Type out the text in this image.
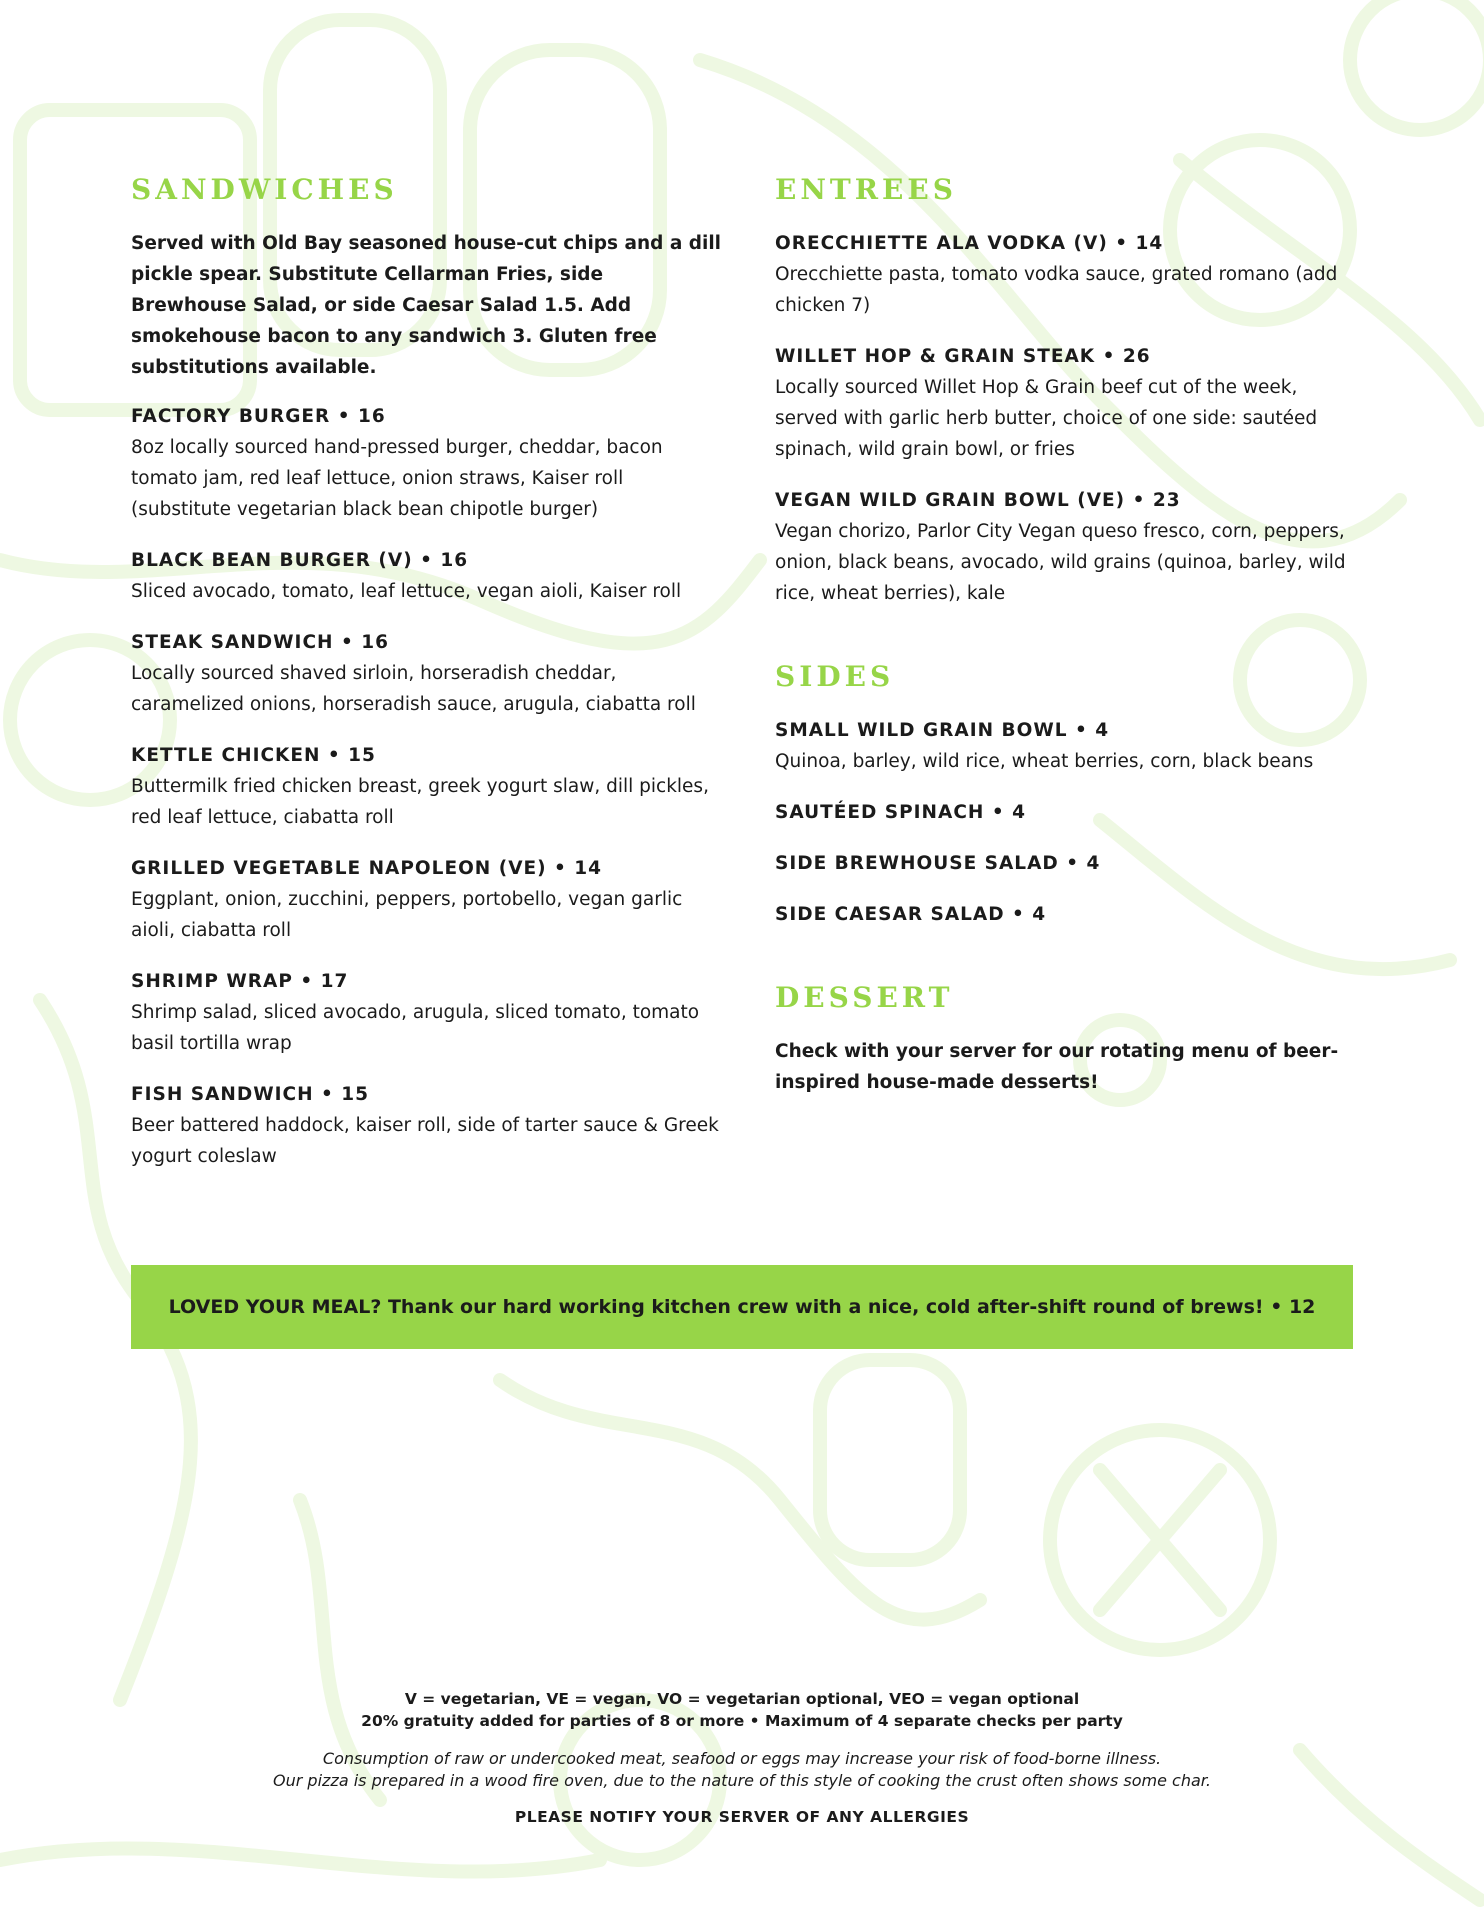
SANDWICHES
Served with Old Bay seasoned house-cut chips and a dill pickle spear. Substitute Cellarman Fries, side Brewhouse Salad, or side Caesar Salad 1.5. Add smokehouse bacon to any sandwich 3. Gluten free substitutions available.
FACTORY BURGER • 16
8oz locally sourced hand-pressed burger, cheddar, bacon tomato jam, red leaf lettuce, onion straws, Kaiser roll (substitute vegetarian black bean chipotle burger)
BLACK BEAN BURGER (V) • 16
Sliced avocado, tomato, leaf lettuce, vegan aioli, Kaiser roll
STEAK SANDWICH • 16
Locally sourced shaved sirloin, horseradish cheddar, caramelized onions, horseradish sauce, arugula, ciabatta roll
KETTLE CHICKEN • 15
Buttermilk fried chicken breast, greek yogurt slaw, dill pickles, red leaf lettuce, ciabatta roll
GRILLED VEGETABLE NAPOLEON (VE) • 14
Eggplant, onion, zucchini, peppers, portobello, vegan garlic aioli, ciabatta roll
SHRIMP WRAP • 17
Shrimp salad, sliced avocado, arugula, sliced tomato, tomato basil tortilla wrap
FISH SANDWICH • 15
Beer battered haddock, kaiser roll, side of tarter sauce & Greek yogurt coleslaw
ENTREES
ORECCHIETTE ALA VODKA (V) • 14
Orecchiette pasta, tomato vodka sauce, grated romano (add chicken 7)
WILLET HOP & GRAIN STEAK • 26
Locally sourced Willet Hop & Grain beef cut of the week, served with garlic herb butter, choice of one side: sautéed spinach, wild grain bowl, or fries
VEGAN WILD GRAIN BOWL (VE) • 23
Vegan chorizo, Parlor City Vegan queso fresco, corn, peppers, onion, black beans, avocado, wild grains (quinoa, barley, wild rice, wheat berries), kale
SIDES
SMALL WILD GRAIN BOWL • 4
Quinoa, barley, wild rice, wheat berries, corn, black beans
SAUTÉED SPINACH • 4
SIDE BREWHOUSE SALAD • 4
SIDE CAESAR SALAD • 4
DESSERT
Check with your server for our rotating menu of beer-inspired house-made desserts!
LOVED YOUR MEAL? Thank our hard working kitchen crew with a nice, cold after-shift round of brews! • 12
V = vegetarian, VE = vegan, VO = vegetarian optional, VEO = vegan optional
20% gratuity added for parties of 8 or more • Maximum of 4 separate checks per party
Consumption of raw or undercooked meat, seafood or eggs may increase your risk of food-borne illness.
Our pizza is prepared in a wood fire oven, due to the nature of this style of cooking the crust often shows some char.
PLEASE NOTIFY YOUR SERVER OF ANY ALLERGIES
